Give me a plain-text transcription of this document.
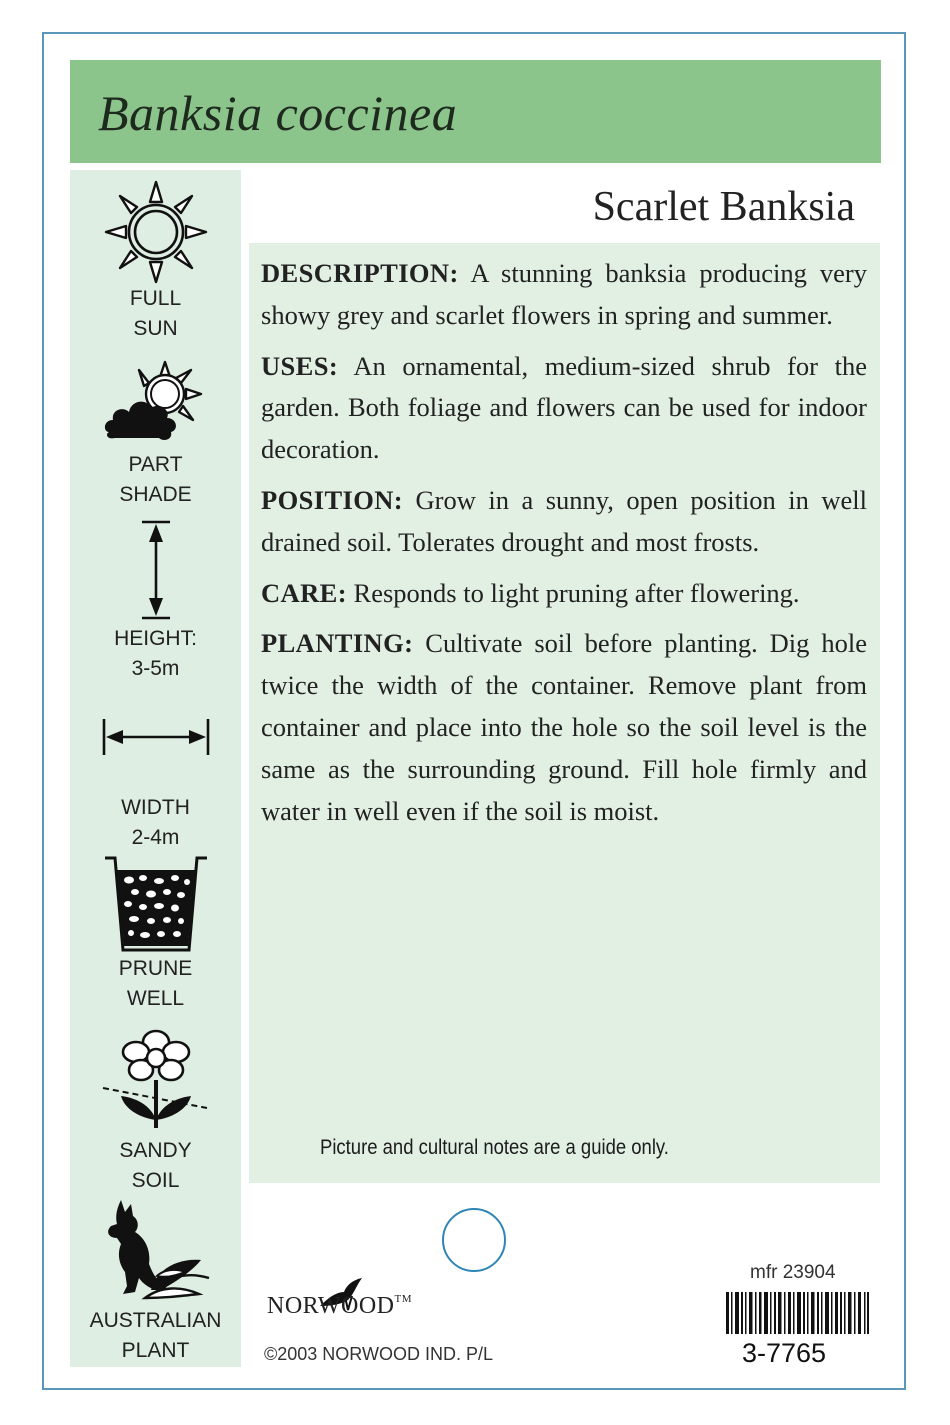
Banksia coccinea
FULL
SUN
PART
SHADE
HEIGHT:
3-5m
WIDTH
2-4m
PRUNE
WELL
SANDY
SOIL
AUSTRALIAN
PLANT
Scarlet Banksia

DESCRIPTION: A stunning banksia producing very showy grey and scarlet flowers in spring and summer.

USES: An ornamental, medium-sized shrub for the garden. Both foliage and flowers can be used for indoor decoration.

POSITION: Grow in a sunny, open position in well drained soil. Tolerates drought and most frosts.

CARE: Responds to light pruning after flowering.

PLANTING: Cultivate soil before planting. Dig hole twice the width of the container. Remove plant from container and place into the hole so the soil level is the same as the surrounding ground. Fill hole firmly and water in well even if the soil is moist.

Picture and cultural notes are a guide only.
NORWOOD™
©2003 NORWOOD IND. P/L
mfr 23904
3-7765
